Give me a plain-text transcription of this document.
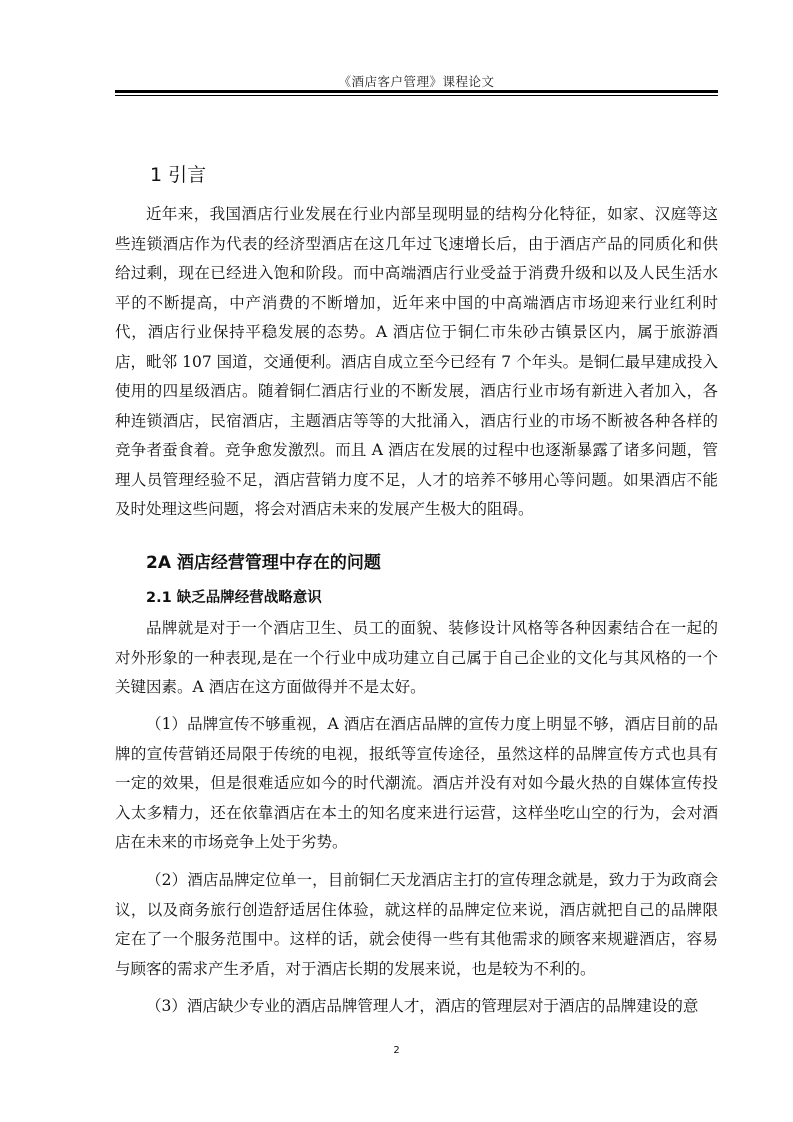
《酒店客户管理》课程论文
1 引言

近年来，我国酒店行业发展在行业内部呈现明显的结构分化特征，如家、汉庭等这些连锁酒店作为代表的经济型酒店在这几年过飞速增长后，由于酒店产品的同质化和供给过剩，现在已经进入饱和阶段。而中高端酒店行业受益于消费升级和以及人民生活水平的不断提高，中产消费的不断增加，近年来中国的中高端酒店市场迎来行业红利时代，酒店行业保持平稳发展的态势。A 酒店位于铜仁市朱砂古镇景区内，属于旅游酒店，毗邻 107 国道，交通便利。酒店自成立至今已经有 7 个年头。是铜仁最早建成投入使用的四星级酒店。随着铜仁酒店行业的不断发展，酒店行业市场有新进入者加入，各种连锁酒店，民宿酒店，主题酒店等等的大批涌入，酒店行业的市场不断被各种各样的竞争者蚕食着。竞争愈发激烈。而且 A 酒店在发展的过程中也逐渐暴露了诸多问题，管理人员管理经验不足，酒店营销力度不足，人才的培养不够用心等问题。如果酒店不能及时处理这些问题，将会对酒店未来的发展产生极大的阻碍。

2A 酒店经营管理中存在的问题
2.1 缺乏品牌经营战略意识

品牌就是对于一个酒店卫生、员工的面貌、装修设计风格等各种因素结合在一起的对外形象的一种表现,是在一个行业中成功建立自己属于自己企业的文化与其风格的一个关键因素。A 酒店在这方面做得并不是太好。

（1）品牌宣传不够重视，A 酒店在酒店品牌的宣传力度上明显不够，酒店目前的品牌的宣传营销还局限于传统的电视，报纸等宣传途径，虽然这样的品牌宣传方式也具有一定的效果，但是很难适应如今的时代潮流。酒店并没有对如今最火热的自媒体宣传投入太多精力，还在依靠酒店在本土的知名度来进行运营，这样坐吃山空的行为，会对酒店在未来的市场竞争上处于劣势。

（2）酒店品牌定位单一，目前铜仁天龙酒店主打的宣传理念就是，致力于为政商会议，以及商务旅行创造舒适居住体验，就这样的品牌定位来说，酒店就把自己的品牌限定在了一个服务范围中。这样的话，就会使得一些有其他需求的顾客来规避酒店，容易与顾客的需求产生矛盾，对于酒店长期的发展来说，也是较为不利的。

（3）酒店缺少专业的酒店品牌管理人才，酒店的管理层对于酒店的品牌建设的意

2
